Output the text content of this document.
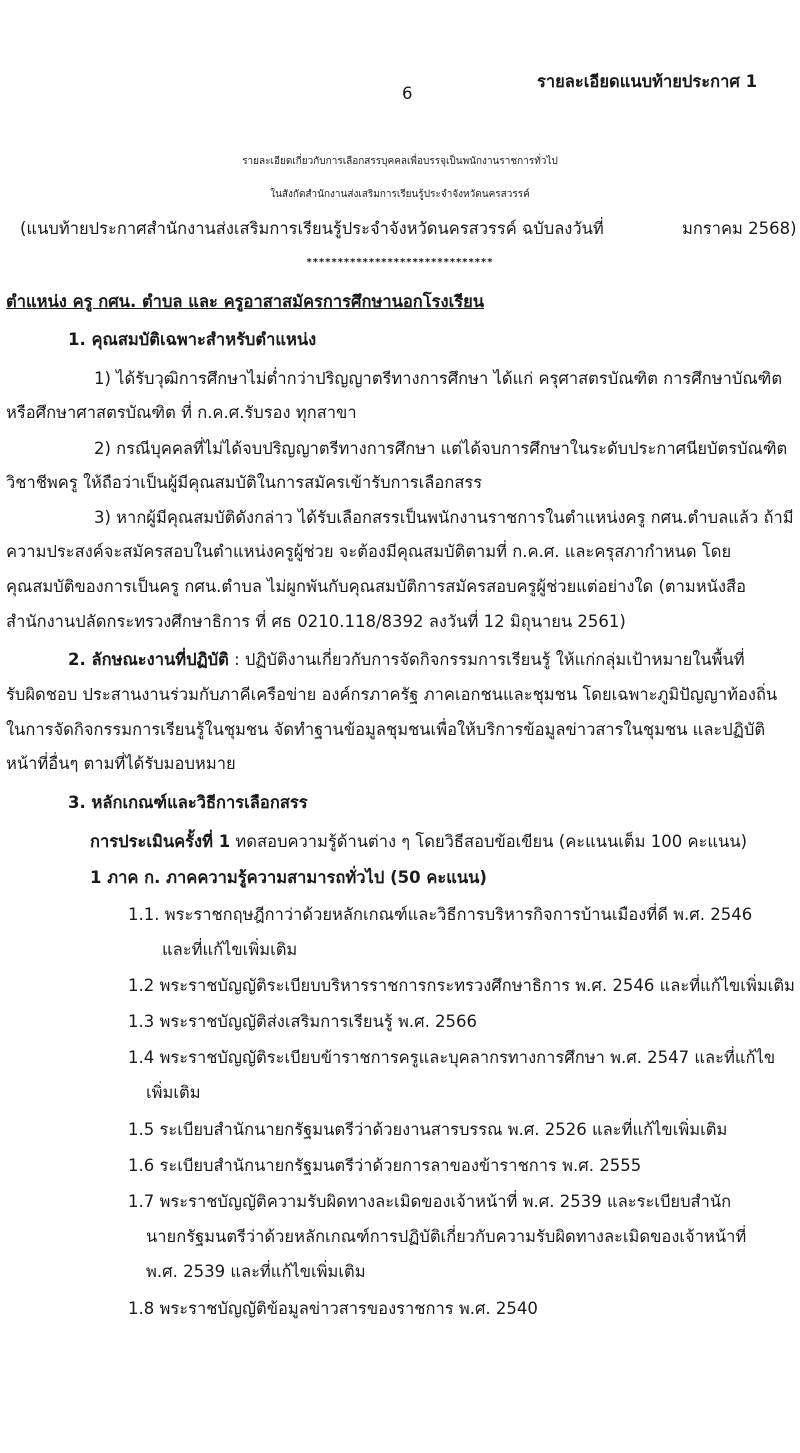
6
รายละเอียดแนบท้ายประกาศ 1
รายละเอียดเกี่ยวกับการเลือกสรรบุคคลเพื่อบรรจุเป็นพนักงานราชการทั่วไป
ในสังกัดสำนักงานส่งเสริมการเรียนรู้ประจำจังหวัดนครสวรรค์
(แนบท้ายประกาศสำนักงานส่งเสริมการเรียนรู้ประจำจังหวัดนครสวรรค์ ฉบับลงวันที่	มกราคม 2568)
******************************
ตำแหน่ง ครู กศน. ตำบล และ ครูอาสาสมัครการศึกษานอกโรงเรียน
1. คุณสมบัติเฉพาะสำหรับตำแหน่ง
1) ได้รับวุฒิการศึกษาไม่ต่ำกว่าปริญญาตรีทางการศึกษา ได้แก่ ครุศาสตรบัณฑิต การศึกษาบัณฑิต
หรือศึกษาศาสตรบัณฑิต ที่ ก.ค.ศ.รับรอง ทุกสาขา
2) กรณีบุคคลที่ไม่ได้จบปริญญาตรีทางการศึกษา แต่ได้จบการศึกษาในระดับประกาศนียบัตรบัณฑิต
วิชาชีพครู ให้ถือว่าเป็นผู้มีคุณสมบัติในการสมัครเข้ารับการเลือกสรร
3) หากผู้มีคุณสมบัติดังกล่าว ได้รับเลือกสรรเป็นพนักงานราชการในตำแหน่งครู กศน.ตำบลแล้ว ถ้ามี
ความประสงค์จะสมัครสอบในตำแหน่งครูผู้ช่วย จะต้องมีคุณสมบัติตามที่ ก.ค.ศ. และครุสภากำหนด โดย
คุณสมบัติของการเป็นครู กศน.ตำบล ไม่ผูกพันกับคุณสมบัติการสมัครสอบครูผู้ช่วยแต่อย่างใด (ตามหนังสือ
สำนักงานปลัดกระทรวงศึกษาธิการ ที่ ศธ 0210.118/8392 ลงวันที่ 12 มิถุนายน 2561)
2. ลักษณะงานที่ปฏิบัติ : ปฏิบัติงานเกี่ยวกับการจัดกิจกรรมการเรียนรู้ ให้แก่กลุ่มเป้าหมายในพื้นที่
รับผิดชอบ ประสานงานร่วมกับภาคีเครือข่าย องค์กรภาครัฐ ภาคเอกชนและชุมชน โดยเฉพาะภูมิปัญญาท้องถิ่น
ในการจัดกิจกรรมการเรียนรู้ในชุมชน จัดทำฐานข้อมูลชุมชนเพื่อให้บริการข้อมูลข่าวสารในชุมชน และปฏิบัติ
หน้าที่อื่นๆ ตามที่ได้รับมอบหมาย
3. หลักเกณฑ์และวิธีการเลือกสรร
การประเมินครั้งที่ 1 ทดสอบความรู้ด้านต่าง ๆ โดยวิธีสอบข้อเขียน (คะแนนเต็ม 100 คะแนน)
1 ภาค ก. ภาคความรู้ความสามารถทั่วไป (50 คะแนน)
1.1. พระราชกฤษฎีกาว่าด้วยหลักเกณฑ์และวิธีการบริหารกิจการบ้านเมืองที่ดี พ.ศ. 2546
และที่แก้ไขเพิ่มเติม
1.2 พระราชบัญญัติระเบียบบริหารราชการกระทรวงศึกษาธิการ พ.ศ. 2546 และที่แก้ไขเพิ่มเติม
1.3 พระราชบัญญัติส่งเสริมการเรียนรู้ พ.ศ. 2566
1.4 พระราชบัญญัติระเบียบข้าราชการครูและบุคลากรทางการศึกษา พ.ศ. 2547 และที่แก้ไข
เพิ่มเติม
1.5 ระเบียบสำนักนายกรัฐมนตรีว่าด้วยงานสารบรรณ พ.ศ. 2526 และที่แก้ไขเพิ่มเติม
1.6 ระเบียบสำนักนายกรัฐมนตรีว่าด้วยการลาของข้าราชการ พ.ศ. 2555
1.7 พระราชบัญญัติความรับผิดทางละเมิดของเจ้าหน้าที่ พ.ศ. 2539 และระเบียบสำนัก
นายกรัฐมนตรีว่าด้วยหลักเกณฑ์การปฏิบัติเกี่ยวกับความรับผิดทางละเมิดของเจ้าหน้าที่
พ.ศ. 2539 และที่แก้ไขเพิ่มเติม
1.8 พระราชบัญญัติข้อมูลข่าวสารของราชการ พ.ศ. 2540
